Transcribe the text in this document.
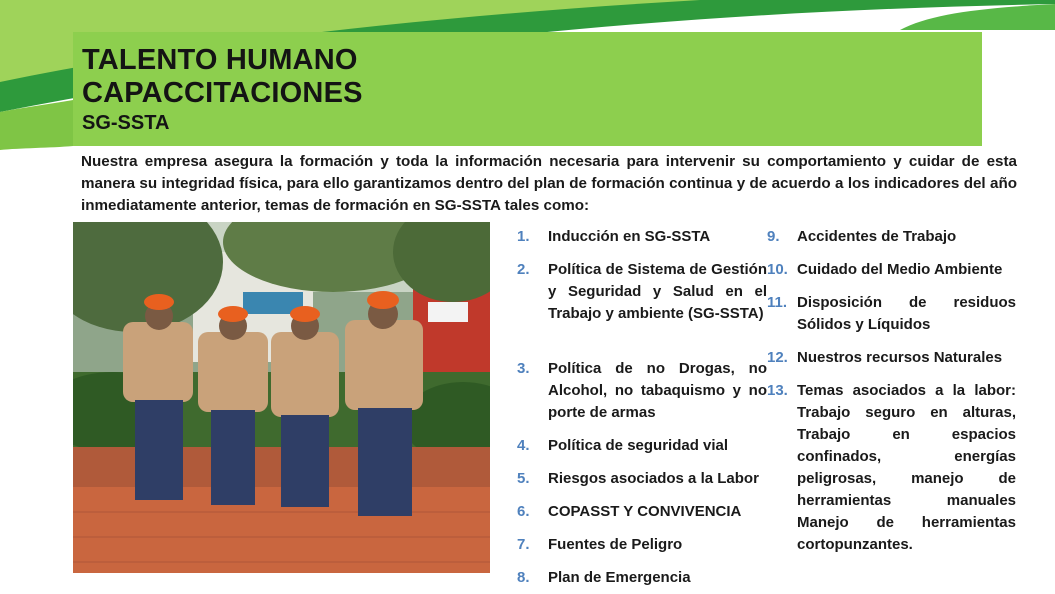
TALENTO HUMANO
CAPACCITACIONES
SG-SSTA
Nuestra empresa asegura la formación y toda la información necesaria para intervenir su comportamiento y cuidar de esta manera su integridad física, para ello garantizamos dentro del plan de formación continua y de acuerdo a los indicadores del año inmediatamente anterior, temas de formación en SG-SSTA tales como:
1. Inducción en SG-SSTA
2. Política de Sistema de Gestión y Seguridad y Salud en el Trabajo y ambiente (SG-SSTA)
3. Política de no Drogas, no Alcohol, no tabaquismo y no porte de armas
4. Política de seguridad vial
5. Riesgos asociados a la Labor
6. COPASST Y CONVIVENCIA
7. Fuentes de Peligro
8. Plan de Emergencia
9. Accidentes de Trabajo
10. Cuidado del Medio Ambiente
11. Disposición de residuos Sólidos y Líquidos
12. Nuestros recursos Naturales
13. Temas asociados a la labor: Trabajo seguro en alturas, Trabajo en espacios confinados, energías peligrosas, manejo de herramientas manuales Manejo de herramientas cortopunzantes.
